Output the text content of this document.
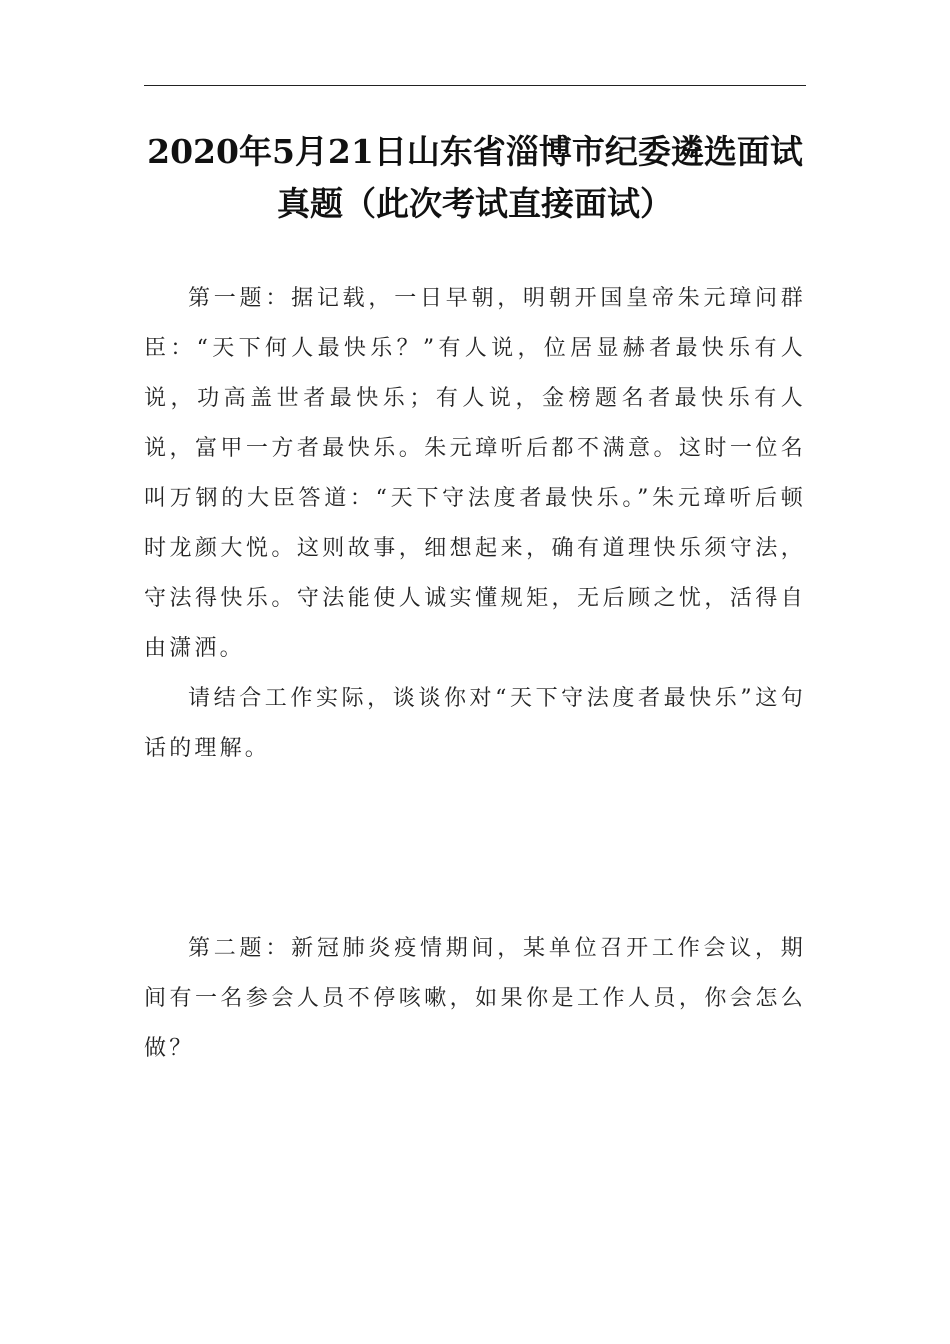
2020年5月21日山东省淄博市纪委遴选面试真题（此次考试直接面试）

第一题：据记载，一日早朝，明朝开国皇帝朱元璋问群臣：“天下何人最快乐？”有人说，位居显赫者最快乐有人说，功高盖世者最快乐；有人说，金榜题名者最快乐有人说，富甲一方者最快乐。朱元璋听后都不满意。这时一位名叫万钢的大臣答道：“天下守法度者最快乐。”朱元璋听后顿时龙颜大悦。这则故事，细想起来，确有道理快乐须守法，守法得快乐。守法能使人诚实懂规矩，无后顾之忧，活得自由潇洒。

请结合工作实际，谈谈你对“天下守法度者最快乐”这句话的理解。

第二题：新冠肺炎疫情期间，某单位召开工作会议，期间有一名参会人员不停咳嗽，如果你是工作人员，你会怎么做？
